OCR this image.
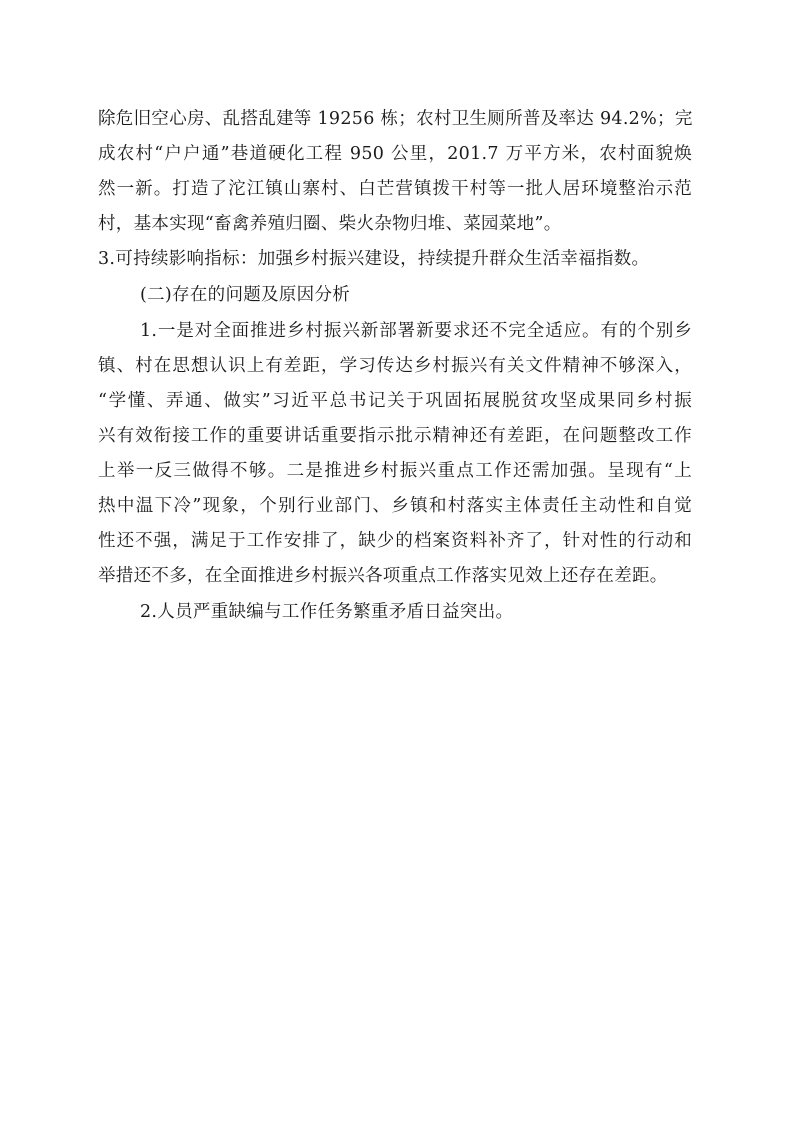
除危旧空心房、乱搭乱建等 19256 栋；农村卫生厕所普及率达 94.2%；完
成农村“户户通”巷道硬化工程 950 公里，201.7 万平方米，农村面貌焕
然一新。打造了沱江镇山寨村、白芒营镇拨干村等一批人居环境整治示范
村，基本实现“畜禽养殖归圈、柴火杂物归堆、菜园菜地”。
3.可持续影响指标：加强乡村振兴建设，持续提升群众生活幸福指数。
(二)存在的问题及原因分析
1.一是对全面推进乡村振兴新部署新要求还不完全适应。有的个别乡
镇、村在思想认识上有差距，学习传达乡村振兴有关文件精神不够深入，
“学懂、弄通、做实”习近平总书记关于巩固拓展脱贫攻坚成果同乡村振
兴有效衔接工作的重要讲话重要指示批示精神还有差距，在问题整改工作
上举一反三做得不够。二是推进乡村振兴重点工作还需加强。呈现有“上
热中温下冷”现象，个别行业部门、乡镇和村落实主体责任主动性和自觉
性还不强，满足于工作安排了，缺少的档案资料补齐了，针对性的行动和
举措还不多，在全面推进乡村振兴各项重点工作落实见效上还存在差距。
2.人员严重缺编与工作任务繁重矛盾日益突出。
